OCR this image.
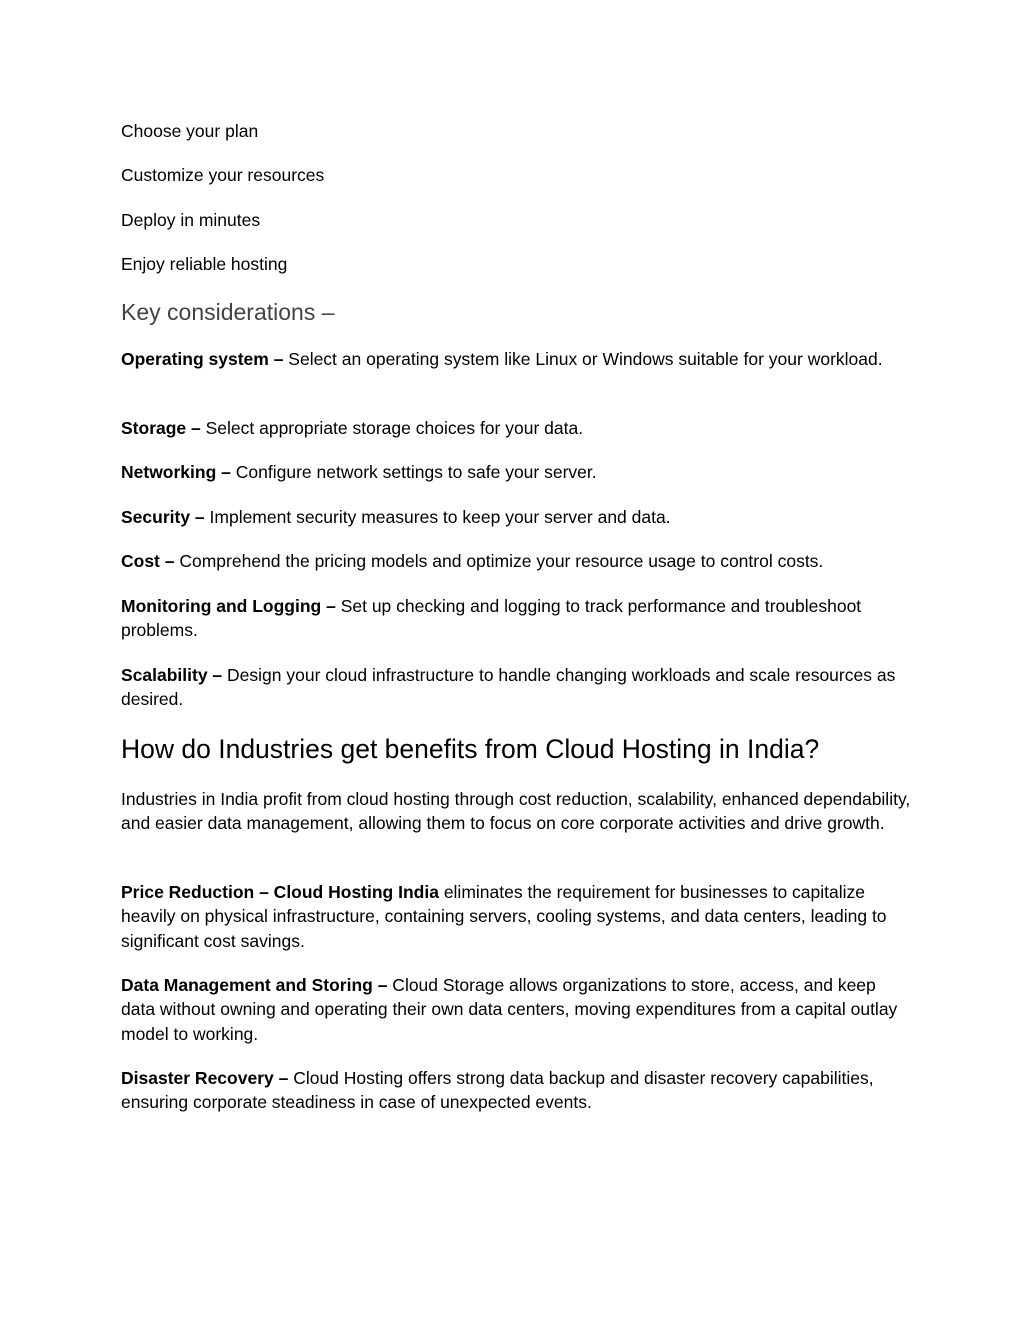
Choose your plan

Customize your resources

Deploy in minutes

Enjoy reliable hosting

Key considerations –

Operating system – Select an operating system like Linux or Windows suitable for your workload.

Storage – Select appropriate storage choices for your data.

Networking – Configure network settings to safe your server.

Security – Implement security measures to keep your server and data.

Cost – Comprehend the pricing models and optimize your resource usage to control costs.

Monitoring and Logging – Set up checking and logging to track performance and troubleshoot problems.

Scalability – Design your cloud infrastructure to handle changing workloads and scale resources as desired.

How do Industries get benefits from Cloud Hosting in India?

Industries in India profit from cloud hosting through cost reduction, scalability, enhanced dependability, and easier data management, allowing them to focus on core corporate activities and drive growth.

Price Reduction – Cloud Hosting India eliminates the requirement for businesses to capitalize heavily on physical infrastructure, containing servers, cooling systems, and data centers, leading to significant cost savings.

Data Management and Storing – Cloud Storage allows organizations to store, access, and keep data without owning and operating their own data centers, moving expenditures from a capital outlay model to working.

Disaster Recovery – Cloud Hosting offers strong data backup and disaster recovery capabilities, ensuring corporate steadiness in case of unexpected events.
